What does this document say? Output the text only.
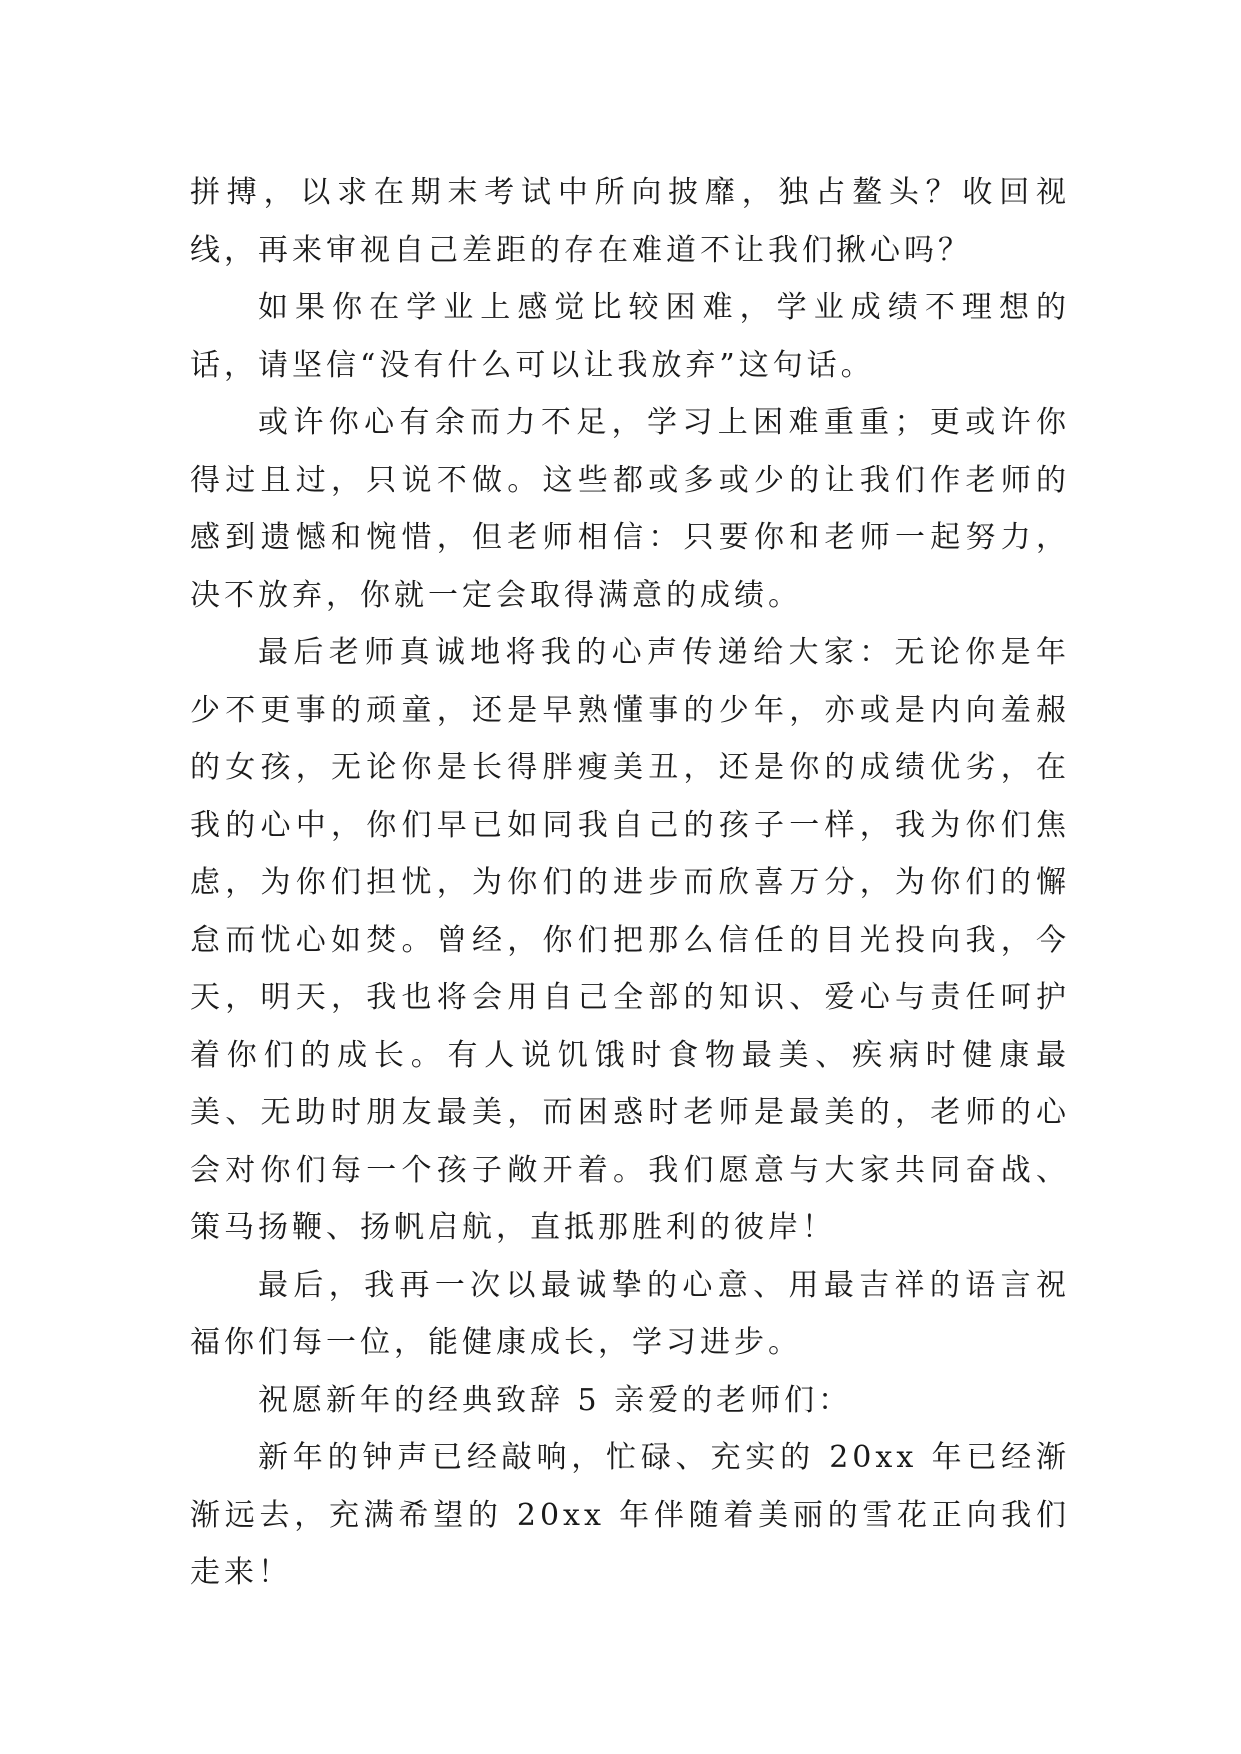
拼搏，以求在期末考试中所向披靡，独占鳌头？收回视线，再来审视自己差距的存在难道不让我们揪心吗？

如果你在学业上感觉比较困难，学业成绩不理想的话，请坚信“没有什么可以让我放弃”这句话。

或许你心有余而力不足，学习上困难重重；更或许你得过且过，只说不做。这些都或多或少的让我们作老师的感到遗憾和惋惜，但老师相信：只要你和老师一起努力，决不放弃，你就一定会取得满意的成绩。

最后老师真诚地将我的心声传递给大家：无论你是年少不更事的顽童，还是早熟懂事的少年，亦或是内向羞赧的女孩，无论你是长得胖瘦美丑，还是你的成绩优劣，在我的心中，你们早已如同我自己的孩子一样，我为你们焦虑，为你们担忧，为你们的进步而欣喜万分，为你们的懈怠而忧心如焚。曾经，你们把那么信任的目光投向我，今天，明天，我也将会用自己全部的知识、爱心与责任呵护着你们的成长。有人说饥饿时食物最美、疾病时健康最美、无助时朋友最美，而困惑时老师是最美的，老师的心会对你们每一个孩子敞开着。我们愿意与大家共同奋战、策马扬鞭、扬帆启航，直抵那胜利的彼岸！

最后，我再一次以最诚挚的心意、用最吉祥的语言祝福你们每一位，能健康成长，学习进步。

祝愿新年的经典致辞 5 亲爱的老师们：

新年的钟声已经敲响，忙碌、充实的 20xx 年已经渐渐远去，充满希望的 20xx 年伴随着美丽的雪花正向我们走来！
